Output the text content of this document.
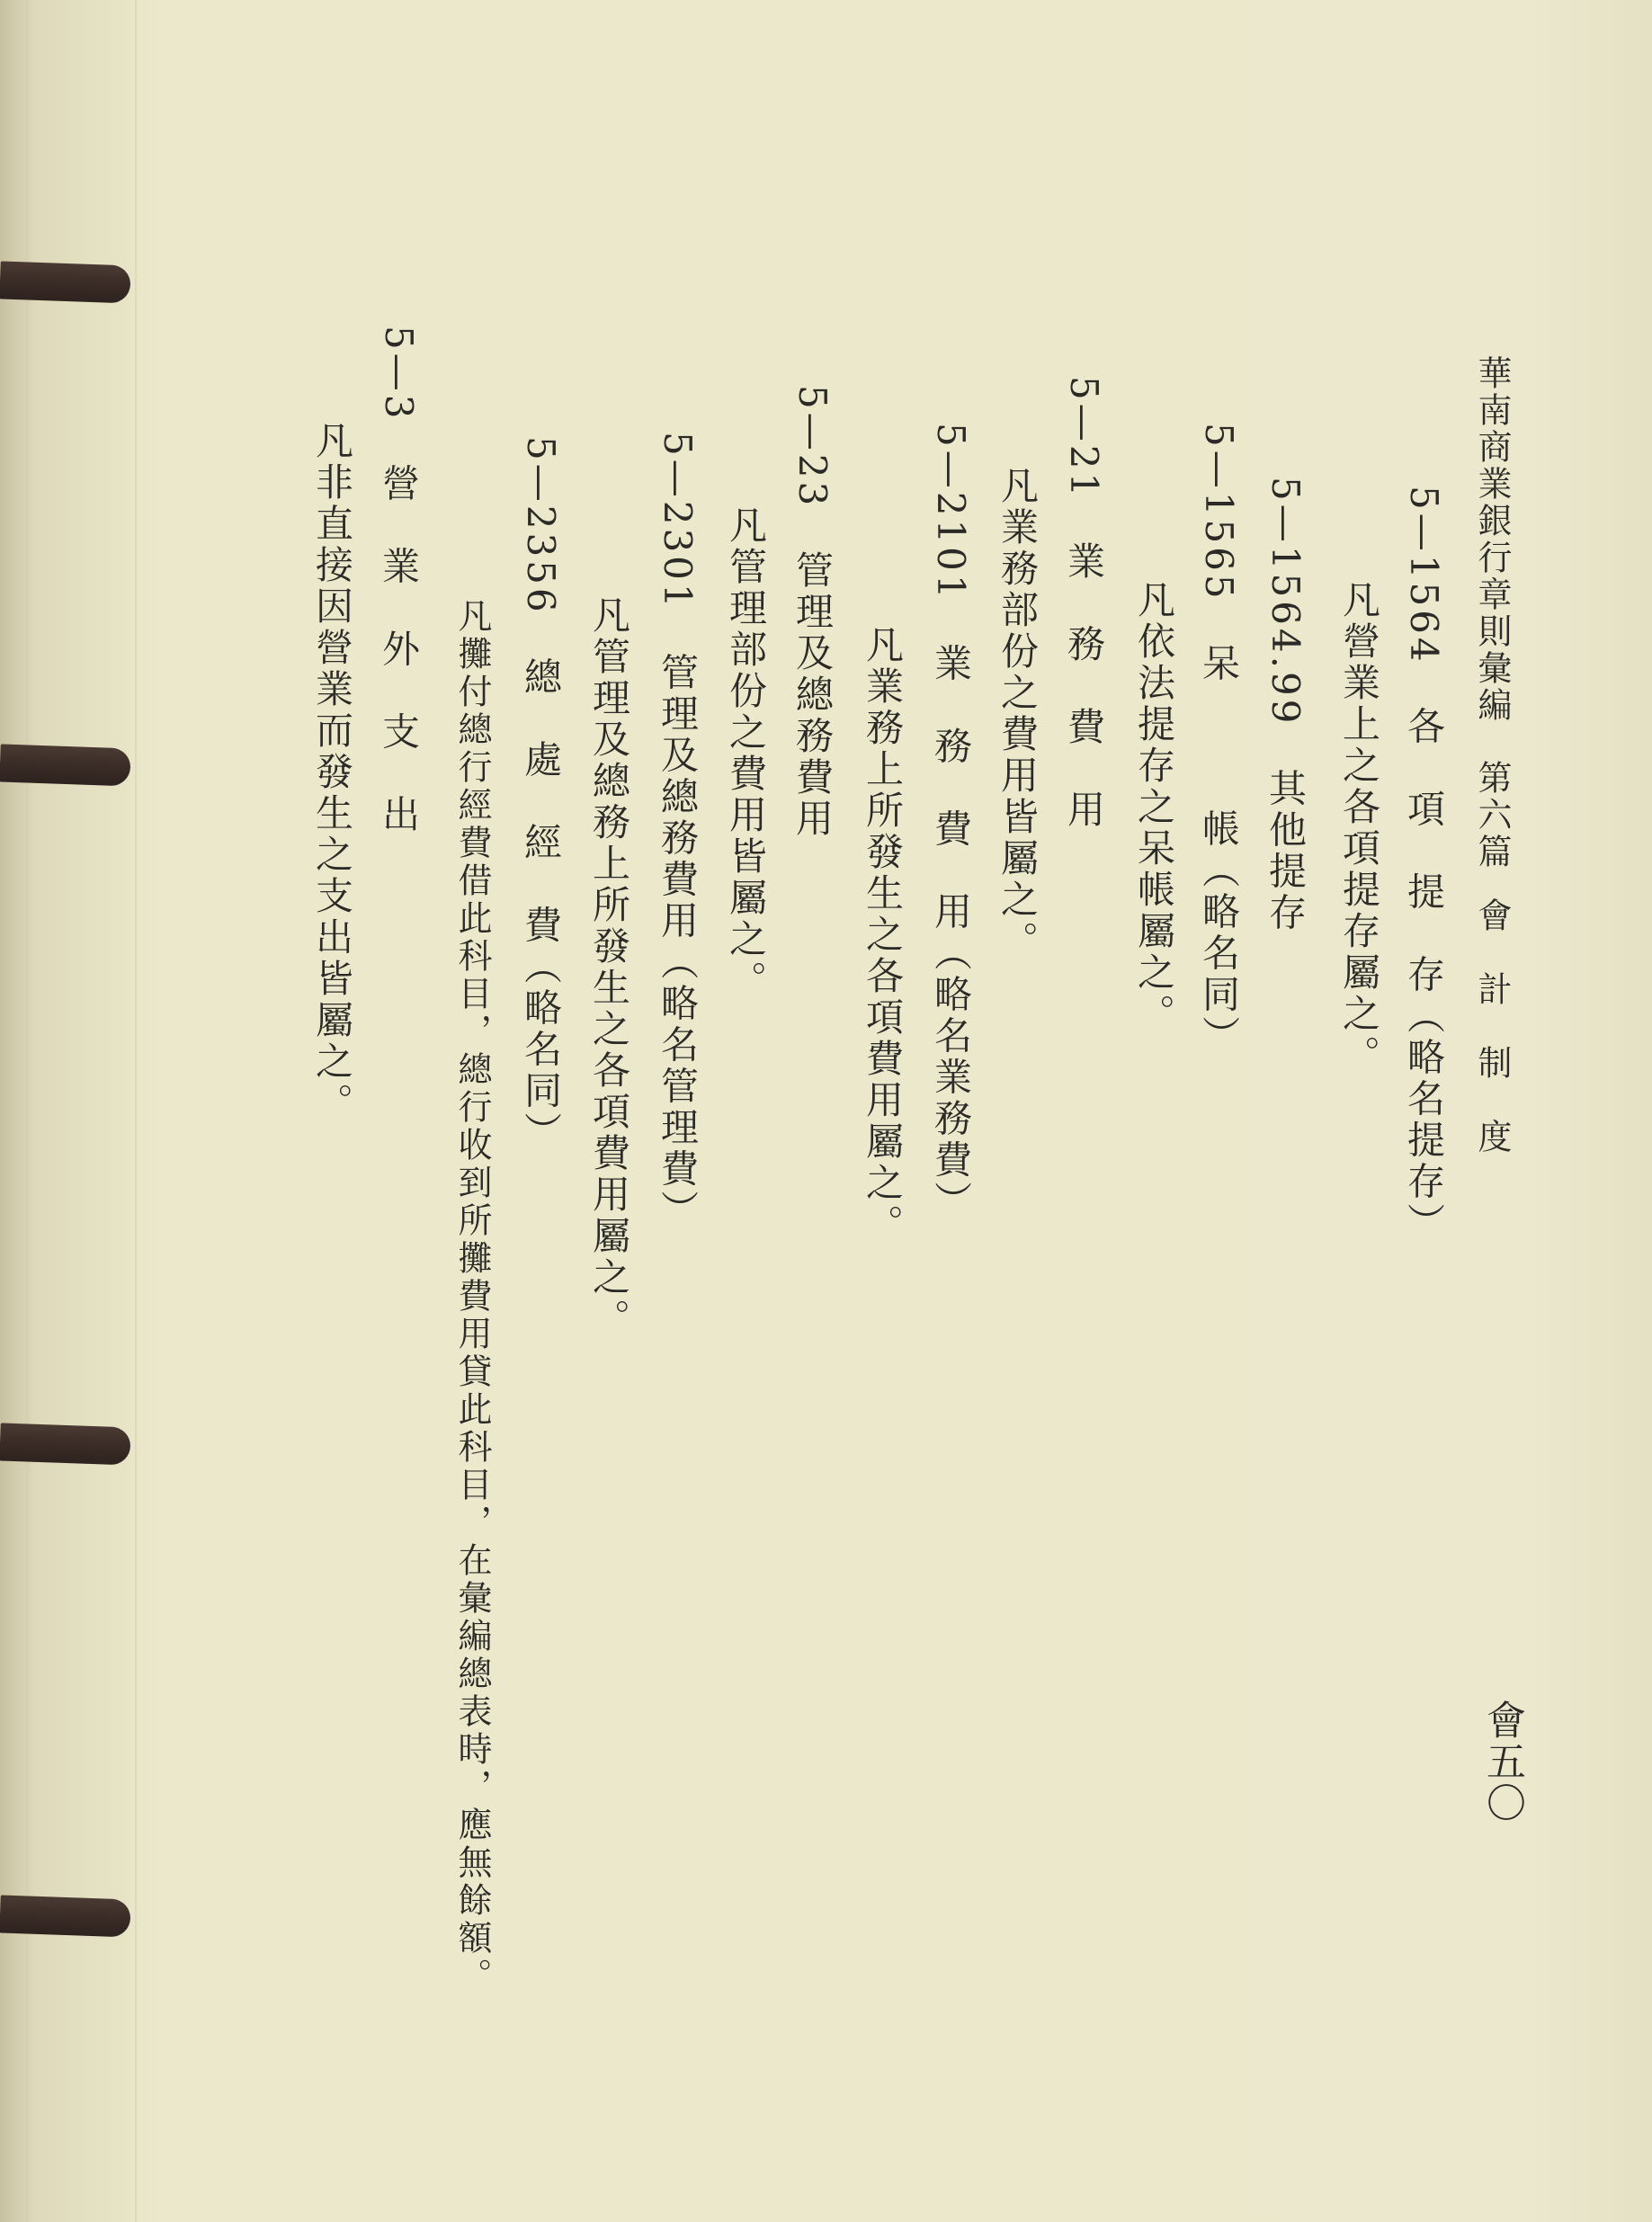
華南商業銀行章則彙編第六篇會　計　制　度
會五〇
5—1564　各　項　提　存（略名提存）
凡營業上之各項提存屬之。
5—1564.99　其他提存
5—1565　呆　　　帳（略名同）
凡依法提存之呆帳屬之。
5—21　業　務　費　用
凡業務部份之費用皆屬之。
5—2101　業　務　費　用（略名業務費）
凡業務上所發生之各項費用屬之。
5—23　管理及總務費用
凡管理部份之費用皆屬之。
5—2301　管理及總務費用（略名管理費）
凡管理及總務上所發生之各項費用屬之。
5—2356　總　處　經　費（略名同）
凡攤付總行經費借此科目，總行收到所攤費用貸此科目，在彙編總表時，應無餘額。
5—3　營　業　外　支　出
凡非直接因營業而發生之支出皆屬之。
